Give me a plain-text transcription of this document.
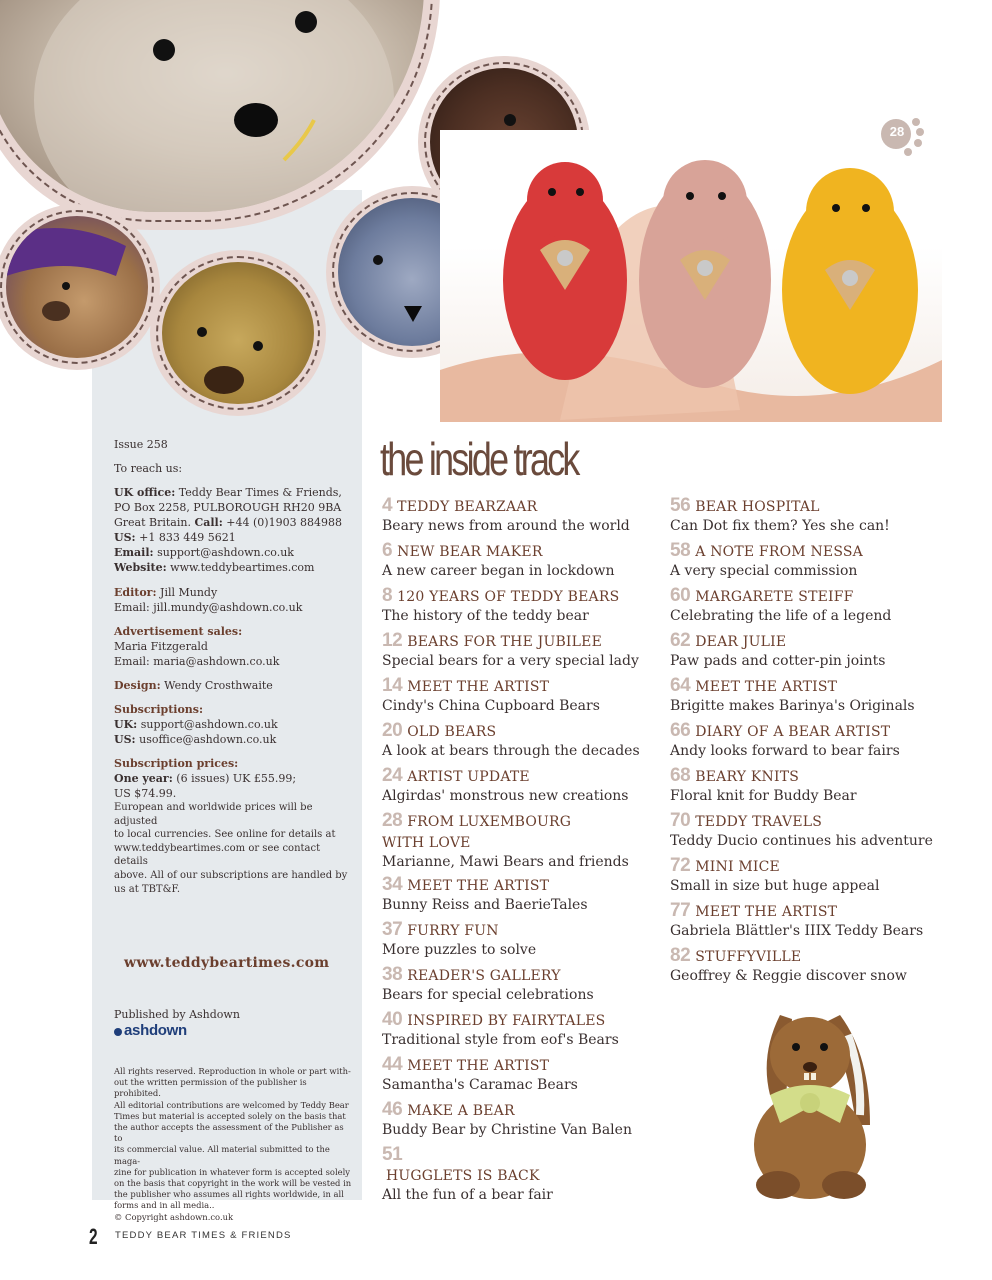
28
Issue 258
To reach us:
UK office: Teddy Bear Times & Friends,
PO Box 2258, PULBOROUGH RH20 9BA
Great Britain. Call: +44 (0)1903 884988
US: +1 833 449 5621
Email: support@ashdown.co.uk
Website: www.teddybeartimes.com
Editor: Jill Mundy
Email: jill.mundy@ashdown.co.uk
Advertisement sales:
Maria Fitzgerald
Email: maria@ashdown.co.uk
Design: Wendy Crosthwaite
Subscriptions:
UK: support@ashdown.co.uk
US: usoffice@ashdown.co.uk
Subscription prices:
One year: (6 issues) UK £55.99;
US $74.99.
European and worldwide prices will be adjusted
to local currencies. See online for details at
www.teddybeartimes.com or see contact details
above. All of our subscriptions are handled by
us at TBT&F.
www.teddybeartimes.com
Published by Ashdown
ashdown
All rights reserved. Reproduction in whole or part with-
out the written permission of the publisher is prohibited.
All editorial contributions are welcomed by Teddy Bear
Times but material is accepted solely on the basis that
the author accepts the assessment of the Publisher as to
its commercial value. All material submitted to the maga-
zine for publication in whatever form is accepted solely
on the basis that copyright in the work will be vested in
the publisher who assumes all rights worldwide, in all
forms and in all media..
© Copyright ashdown.co.uk
the inside track
4 TEDDY BEARZAAR
Beary news from around the world
6 NEW BEAR MAKER
A new career began in lockdown
8 120 YEARS OF TEDDY BEARS
The history of the teddy bear
12 BEARS FOR THE JUBILEE
Special bears for a very special lady
14 MEET THE ARTIST
Cindy's China Cupboard Bears
20 OLD BEARS
A look at bears through the decades
24 ARTIST UPDATE
Algirdas' monstrous new creations
28 FROM LUXEMBOURG
WITH LOVE
Marianne, Mawi Bears and friends
34 MEET THE ARTIST
Bunny Reiss and BaerieTales
37 FURRY FUN
More puzzles to solve
38 READER'S GALLERY
Bears for special celebrations
40 INSPIRED BY FAIRYTALES
Traditional style from eof's Bears
44 MEET THE ARTIST
Samantha's Caramac Bears
46 MAKE A BEAR
Buddy Bear by Christine Van Balen
51
HUGGLETS IS BACK
All the fun of a bear fair
56 BEAR HOSPITAL
Can Dot fix them? Yes she can!
58 A NOTE FROM NESSA
A very special commission
60 MARGARETE STEIFF
Celebrating the life of a legend
62 DEAR JULIE
Paw pads and cotter-pin joints
64 MEET THE ARTIST
Brigitte makes Barinya's Originals
66 DIARY OF A BEAR ARTIST
Andy looks forward to bear fairs
68 BEARY KNITS
Floral knit for Buddy Bear
70 TEDDY TRAVELS
Teddy Ducio continues his adventure
72 MINI MICE
Small in size but huge appeal
77 MEET THE ARTIST
Gabriela Blättler's IIIX Teddy Bears
82 STUFFYVILLE
Geoffrey & Reggie discover snow
2 TEDDY BEAR TIMES & FRIENDS
